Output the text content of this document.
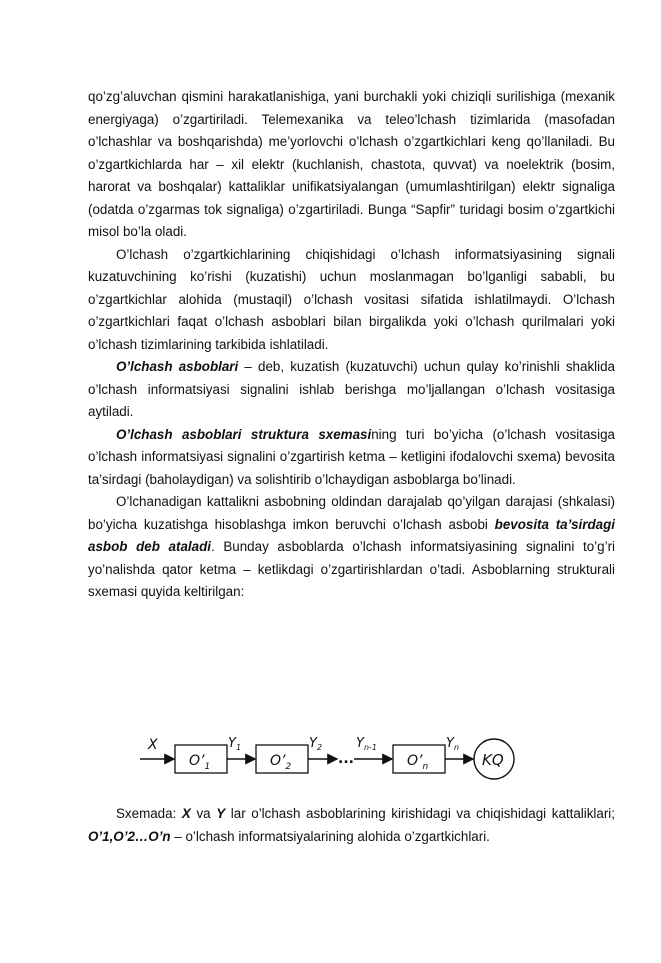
qo’zg’aluvchan qismini harakatlanishiga, yani burchakli yoki chiziqli surilishiga (mexanik energiyaga) o’zgartiriladi. Telemexanika va teleo’lchash tizimlarida (masofadan o’lchashlar va boshqarishda) me’yorlovchi o’lchash o’zgartkichlari keng qo’llaniladi. Bu o’zgartkichlarda har – xil elektr (kuchlanish, chastota, quvvat) va noelektrik (bosim, harorat va boshqalar) kattaliklar unifikatsiyalangan (umumlashtirilgan) elektr signaliga (odatda o’zgarmas tok signaliga) o’zgartiriladi. Bunga “Sapfir” turidagi bosim o’zgartkichi misol bo’la oladi.

O’lchash o’zgartkichlarining chiqishidagi o’lchash informatsiyasining signali kuzatuvchining ko’rishi (kuzatishi) uchun moslanmagan bo’lganligi sababli, bu o’zgartkichlar alohida (mustaqil) o’lchash vositasi sifatida ishlatilmaydi. O’lchash o’zgartkichlari faqat o’lchash asboblari bilan birgalikda yoki o’lchash qurilmalari yoki o’lchash tizimlarining tarkibida ishlatiladi.

O’lchash asboblari – deb, kuzatish (kuzatuvchi) uchun qulay ko’rinishli shaklida o’lchash informatsiyasi signalini ishlab berishga mo’ljallangan o’lchash vositasiga aytiladi.

O’lchash asboblari struktura sxemasining turi bo’yicha (o’lchash vositasiga o’lchash informatsiyasi signalini o’zgartirish ketma – ketligini ifodalovchi sxema) bevosita ta’sirdagi (baholaydigan) va solishtirib o’lchaydigan asboblarga bo’linadi.

O’lchanadigan kattalikni asbobning oldindan darajalab qo’yilgan darajasi (shkalasi) bo’yicha kuzatishga hisoblashga imkon beruvchi o’lchash asbobi bevosita ta’sirdagi asbob deb ataladi. Bunday asboblarda o’lchash informatsiyasining signalini to’g’ri yo’nalishda qator ketma – ketlikdagi o’zgartirishlardan o’tadi. Asboblarning strukturali sxemasi quyida keltirilgan:

X
$O’_1$
$Y_1$
$O’_2$
$Y_2$
...
$Y_{n-1}$
$O’_n$
$Y_n$
KQ

Sxemada: X va Y lar o’lchash asboblarining kirishidagi va chiqishidagi kattaliklari; O’1,O’2…O’n – o’lchash informatsiyalarining alohida o’zgartkichlari.
